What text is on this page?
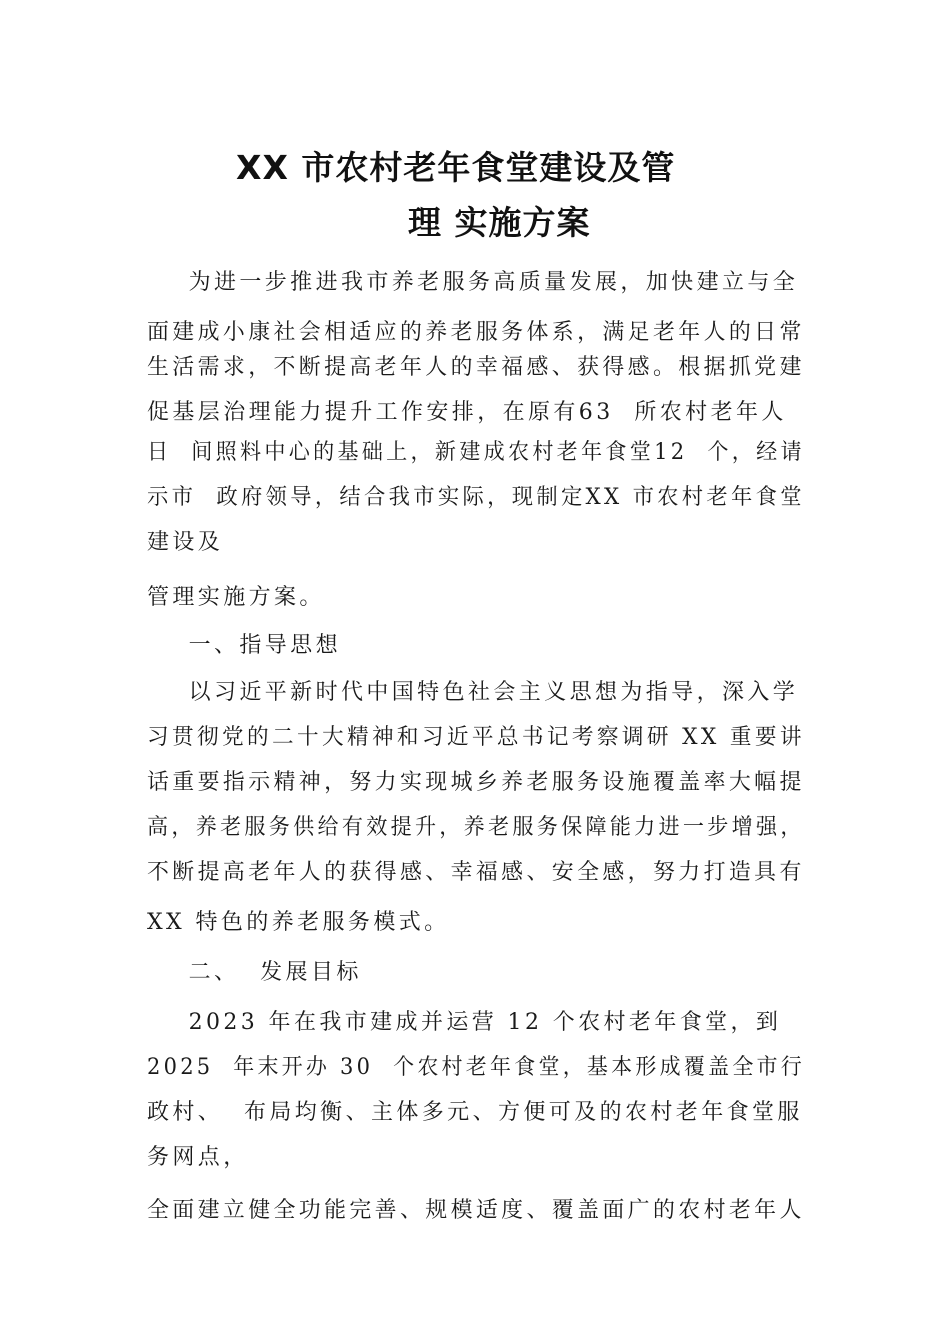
XX 市农村老年食堂建设及管
理 实施方案
为进一步推进我市养老服务高质量发展，加快建立与全
面建成小康社会相适应的养老服务体系，满足老年人的日常
生活需求，不断提高老年人的幸福感、获得感。根据抓党建
促基层治理能力提升工作安排，在原有63  所农村老年人
日  间照料中心的基础上，新建成农村老年食堂12  个，经请
示市  政府领导，结合我市实际，现制定XX 市农村老年食堂
建设及
管理实施方案。
一、指导思想
以习近平新时代中国特色社会主义思想为指导，深入学
习贯彻党的二十大精神和习近平总书记考察调研 XX 重要讲
话重要指示精神，努力实现城乡养老服务设施覆盖率大幅提
高，养老服务供给有效提升，养老服务保障能力进一步增强，
不断提高老年人的获得感、幸福感、安全感，努力打造具有
XX 特色的养老服务模式。
二、  发展目标
2023 年在我市建成并运营 12 个农村老年食堂，到
2025  年末开办 30  个农村老年食堂，基本形成覆盖全市行
政村、  布局均衡、主体多元、方便可及的农村老年食堂服
务网点，
全面建立健全功能完善、规模适度、覆盖面广的农村老年人
